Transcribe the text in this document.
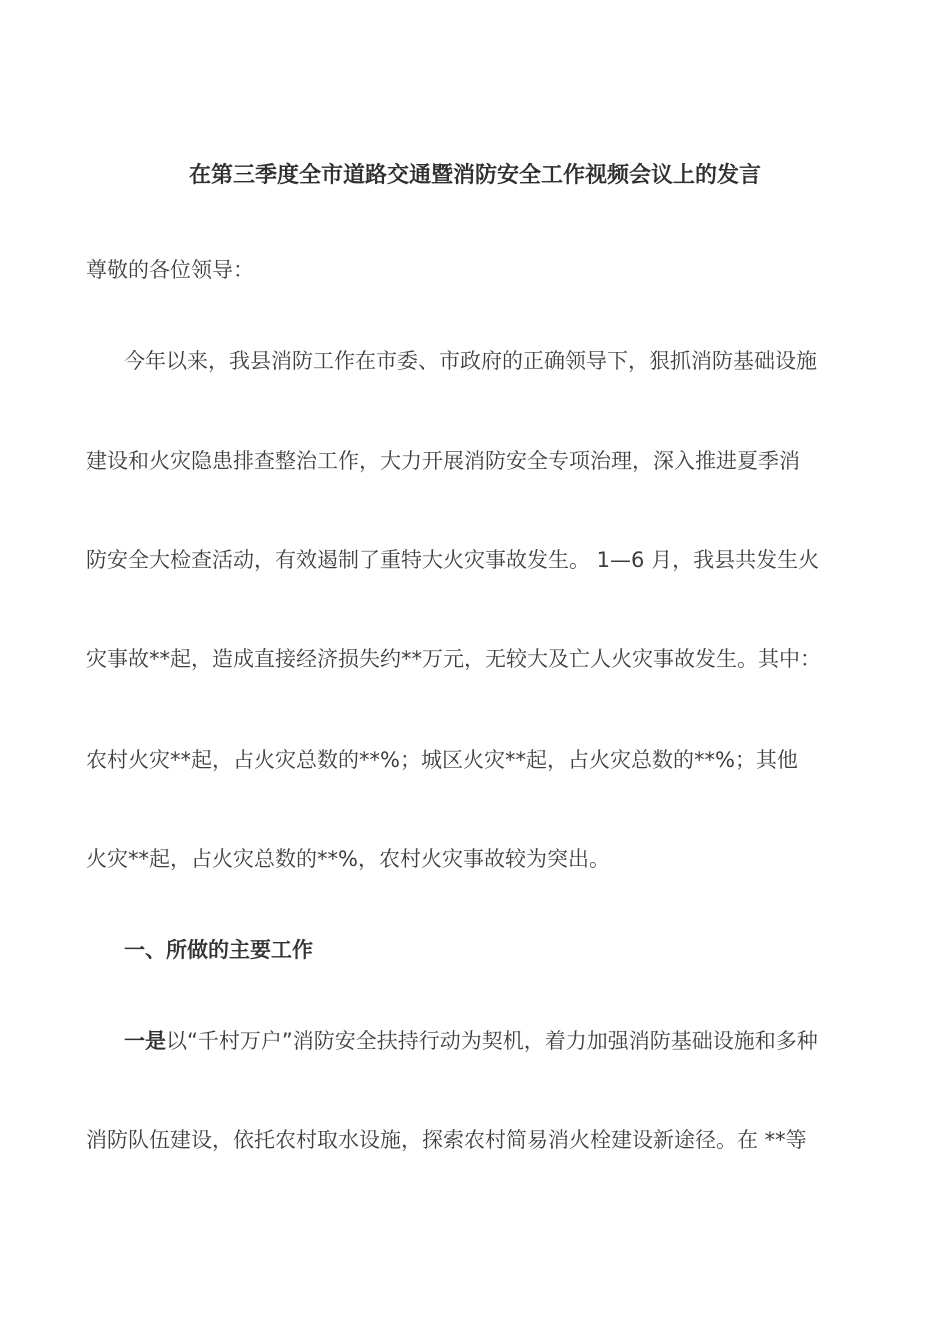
在第三季度全市道路交通暨消防安全工作视频会议上的发言
尊敬的各位领导：
今年以来，我县消防工作在市委、市政府的正确领导下，狠抓消防基础设施
建设和火灾隐患排查整治工作，大力开展消防安全专项治理，深入推进夏季消
防安全大检查活动，有效遏制了重特大火灾事故发生。 1—6 月，我县共发生火
灾事故**起，造成直接经济损失约**万元，无较大及亡人火灾事故发生。其中：
农村火灾**起，占火灾总数的**%；城区火灾**起，占火灾总数的**%；其他
火灾**起，占火灾总数的**%，农村火灾事故较为突出。
一、所做的主要工作
一是以“千村万户”消防安全扶持行动为契机，着力加强消防基础设施和多种
消防队伍建设，依托农村取水设施，探索农村简易消火栓建设新途径。在 **等
